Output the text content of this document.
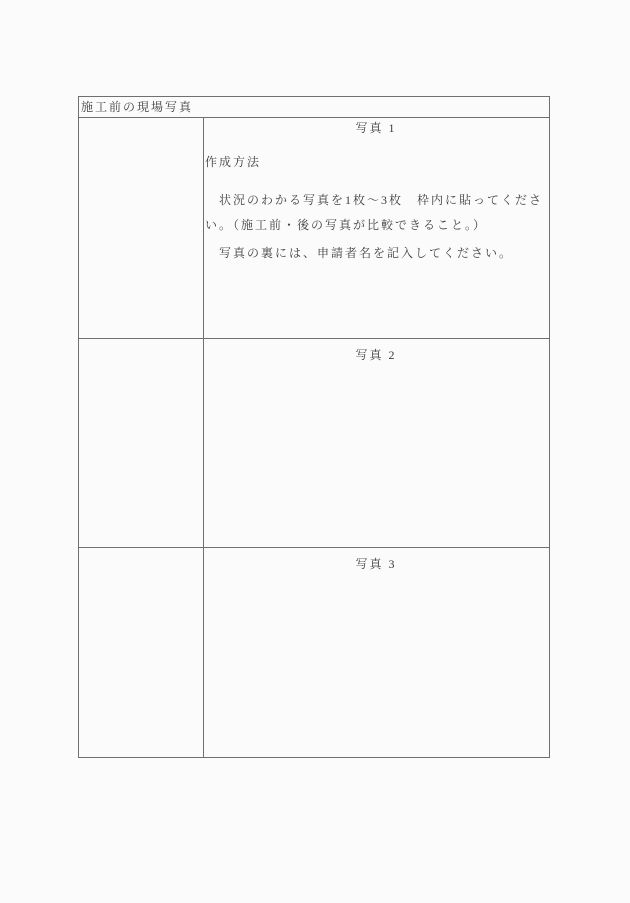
施工前の現場写真
写真 1
作成方法
　状況のわかる写真を1枚～3枚　枠内に貼ってくださ
い。（施工前・後の写真が比較できること。）
　写真の裏には、申請者名を記入してください。
写真 2
写真 3
